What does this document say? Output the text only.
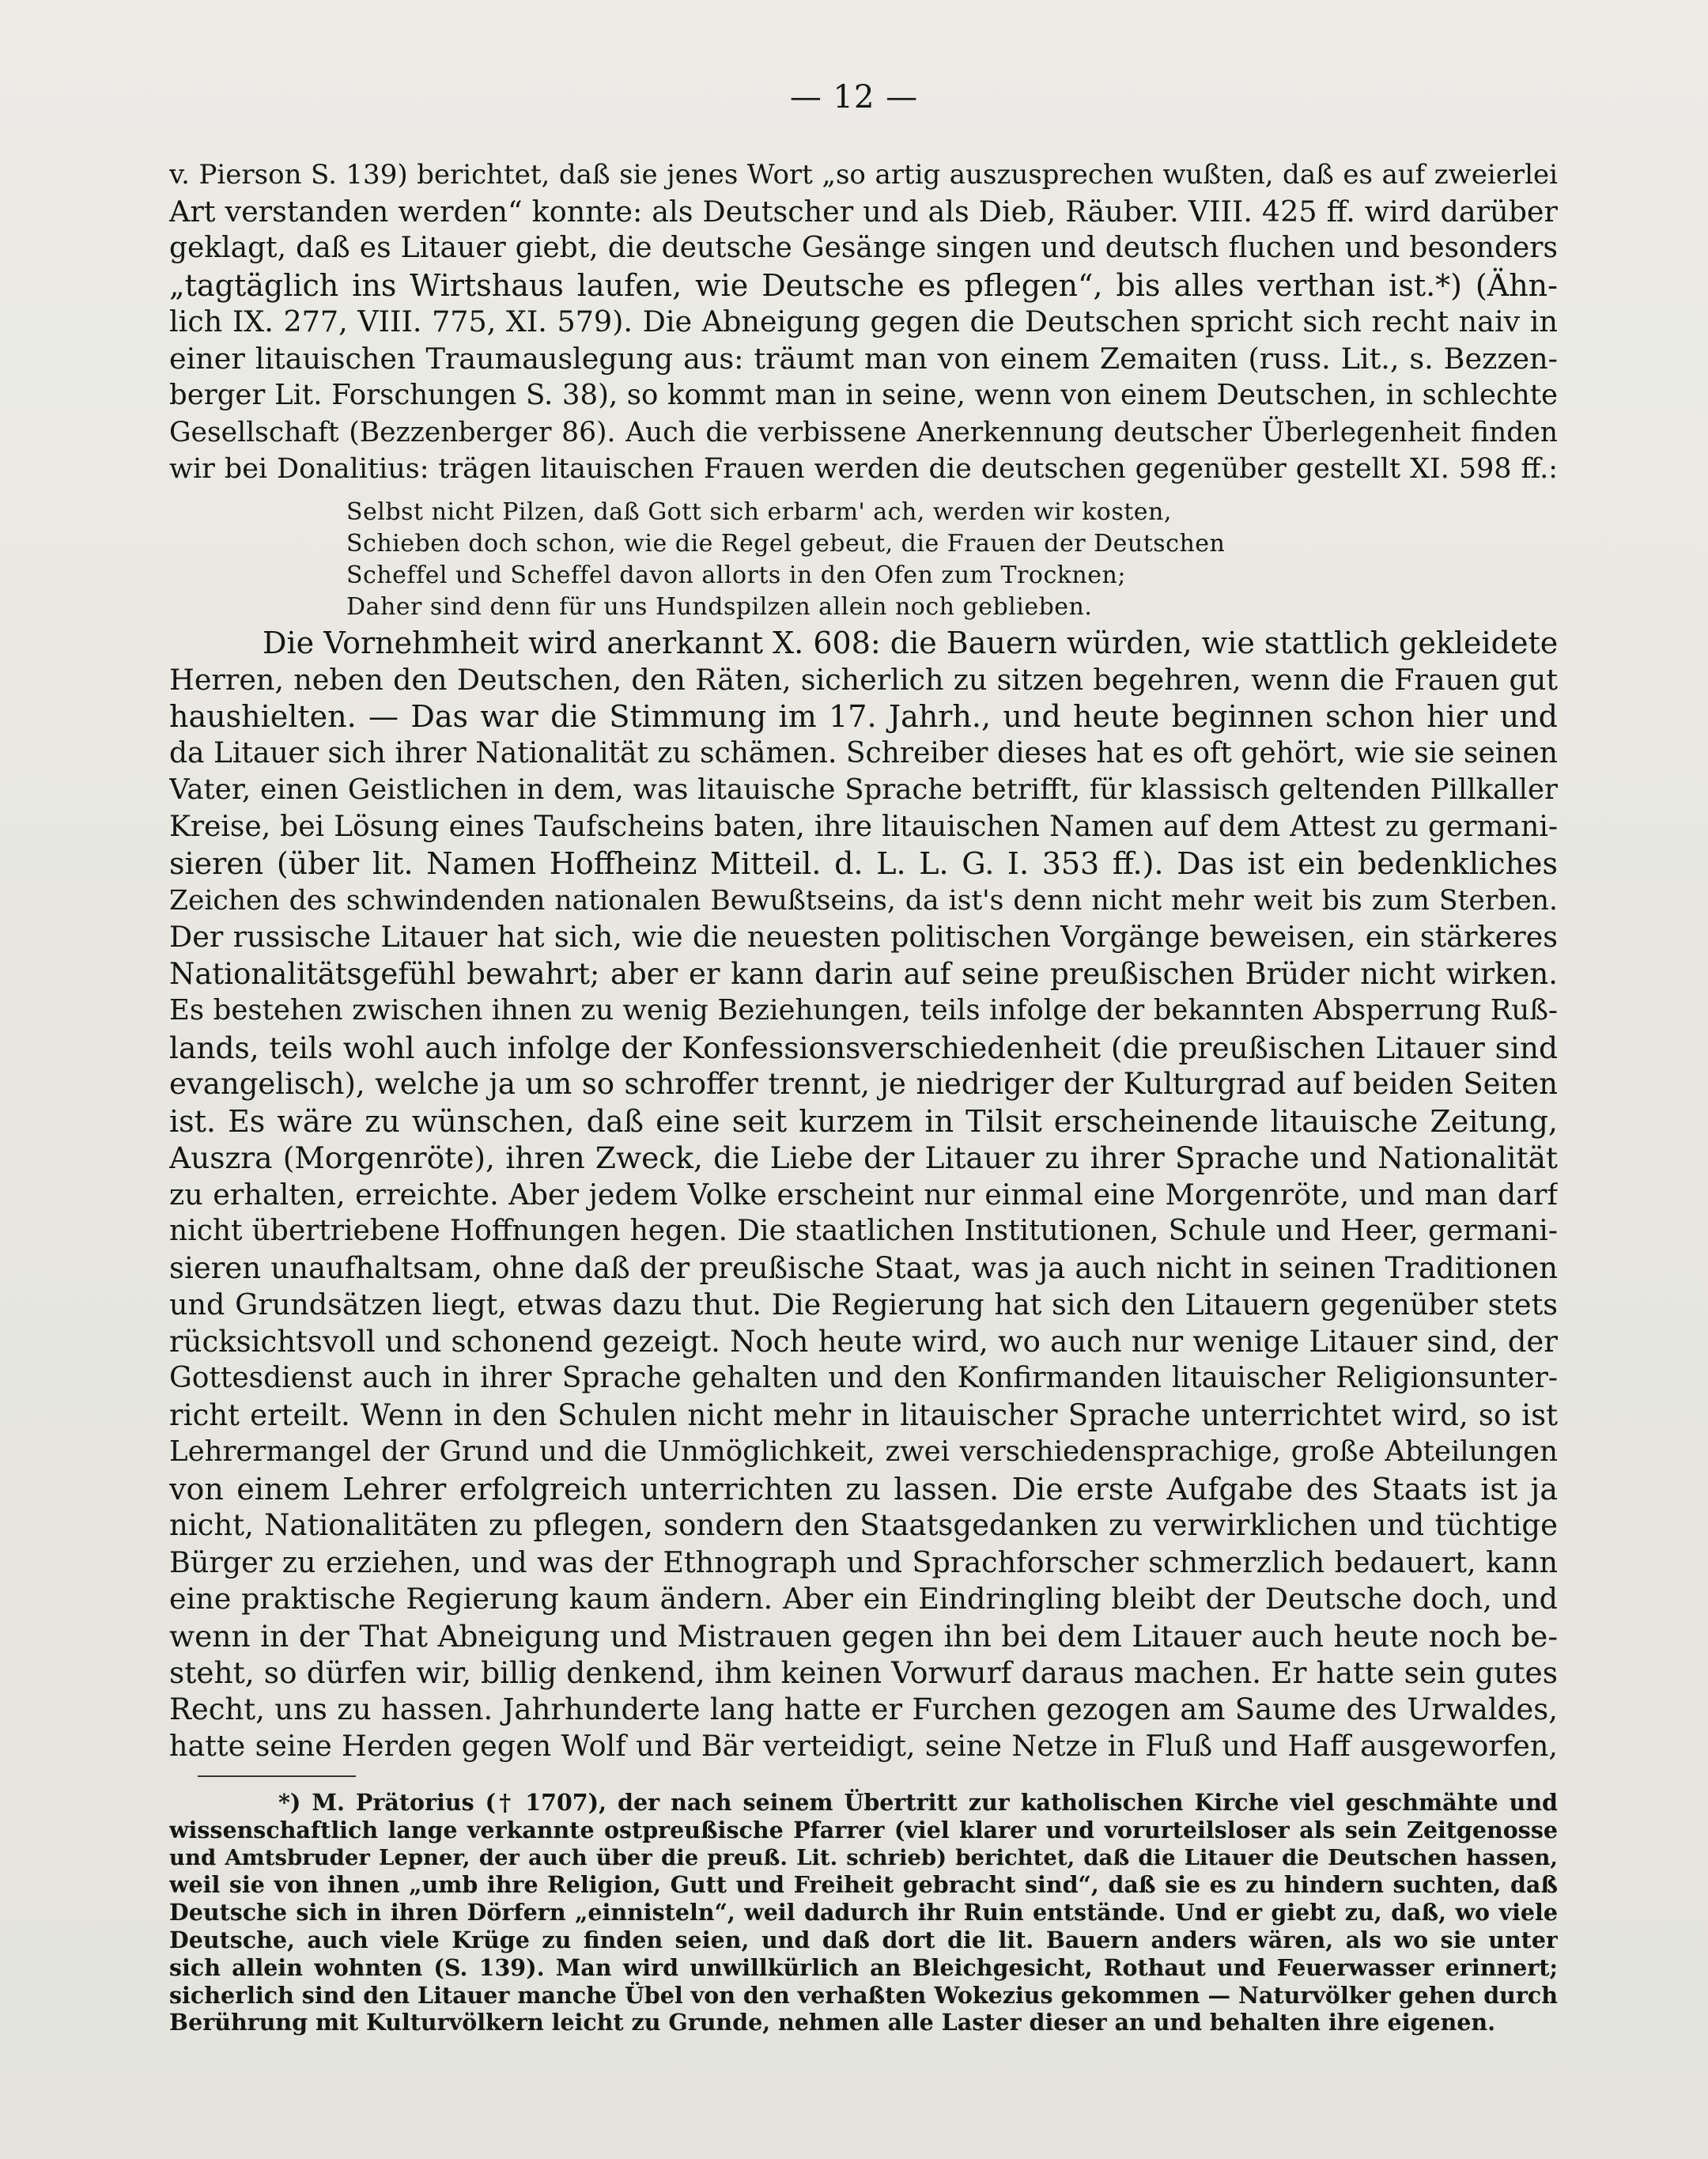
— 12 —
v. Pierson S. 139) berichtet, daß sie jenes Wort „so artig auszusprechen wußten, daß es auf zweierlei
Art verstanden werden“ konnte: als Deutscher und als Dieb, Räuber. VIII. 425 ff. wird darüber
geklagt, daß es Litauer giebt, die deutsche Gesänge singen und deutsch fluchen und besonders
„tagtäglich ins Wirtshaus laufen, wie Deutsche es pflegen“, bis alles verthan ist.*) (Ähn-
lich IX. 277, VIII. 775, XI. 579). Die Abneigung gegen die Deutschen spricht sich recht naiv in
einer litauischen Traumauslegung aus: träumt man von einem Zemaiten (russ. Lit., s. Bezzen-
berger Lit. Forschungen S. 38), so kommt man in seine, wenn von einem Deutschen, in schlechte
Gesellschaft (Bezzenberger 86). Auch die verbissene Anerkennung deutscher Überlegenheit finden
wir bei Donalitius: trägen litauischen Frauen werden die deutschen gegenüber gestellt XI. 598 ff.:
Selbst nicht Pilzen, daß Gott sich erbarm' ach, werden wir kosten,
Schieben doch schon, wie die Regel gebeut, die Frauen der Deutschen
Scheffel und Scheffel davon allorts in den Ofen zum Trocknen;
Daher sind denn für uns Hundspilzen allein noch geblieben.
Die Vornehmheit wird anerkannt X. 608: die Bauern würden, wie stattlich gekleidete
Herren, neben den Deutschen, den Räten, sicherlich zu sitzen begehren, wenn die Frauen gut
haushielten. — Das war die Stimmung im 17. Jahrh., und heute beginnen schon hier und
da Litauer sich ihrer Nationalität zu schämen. Schreiber dieses hat es oft gehört, wie sie seinen
Vater, einen Geistlichen in dem, was litauische Sprache betrifft, für klassisch geltenden Pillkaller
Kreise, bei Lösung eines Taufscheins baten, ihre litauischen Namen auf dem Attest zu germani-
sieren (über lit. Namen Hoffheinz Mitteil. d. L. L. G. I. 353 ff.). Das ist ein bedenkliches
Zeichen des schwindenden nationalen Bewußtseins, da ist's denn nicht mehr weit bis zum Sterben.
Der russische Litauer hat sich, wie die neuesten politischen Vorgänge beweisen, ein stärkeres
Nationalitätsgefühl bewahrt; aber er kann darin auf seine preußischen Brüder nicht wirken.
Es bestehen zwischen ihnen zu wenig Beziehungen, teils infolge der bekannten Absperrung Ruß-
lands, teils wohl auch infolge der Konfessionsverschiedenheit (die preußischen Litauer sind
evangelisch), welche ja um so schroffer trennt, je niedriger der Kulturgrad auf beiden Seiten
ist. Es wäre zu wünschen, daß eine seit kurzem in Tilsit erscheinende litauische Zeitung,
Auszra (Morgenröte), ihren Zweck, die Liebe der Litauer zu ihrer Sprache und Nationalität
zu erhalten, erreichte. Aber jedem Volke erscheint nur einmal eine Morgenröte, und man darf
nicht übertriebene Hoffnungen hegen. Die staatlichen Institutionen, Schule und Heer, germani-
sieren unaufhaltsam, ohne daß der preußische Staat, was ja auch nicht in seinen Traditionen
und Grundsätzen liegt, etwas dazu thut. Die Regierung hat sich den Litauern gegenüber stets
rücksichtsvoll und schonend gezeigt. Noch heute wird, wo auch nur wenige Litauer sind, der
Gottesdienst auch in ihrer Sprache gehalten und den Konfirmanden litauischer Religionsunter-
richt erteilt. Wenn in den Schulen nicht mehr in litauischer Sprache unterrichtet wird, so ist
Lehrermangel der Grund und die Unmöglichkeit, zwei verschiedensprachige, große Abteilungen
von einem Lehrer erfolgreich unterrichten zu lassen. Die erste Aufgabe des Staats ist ja
nicht, Nationalitäten zu pflegen, sondern den Staatsgedanken zu verwirklichen und tüchtige
Bürger zu erziehen, und was der Ethnograph und Sprachforscher schmerzlich bedauert, kann
eine praktische Regierung kaum ändern. Aber ein Eindringling bleibt der Deutsche doch, und
wenn in der That Abneigung und Mistrauen gegen ihn bei dem Litauer auch heute noch be-
steht, so dürfen wir, billig denkend, ihm keinen Vorwurf daraus machen. Er hatte sein gutes
Recht, uns zu hassen. Jahrhunderte lang hatte er Furchen gezogen am Saume des Urwaldes,
hatte seine Herden gegen Wolf und Bär verteidigt, seine Netze in Fluß und Haff ausgeworfen,
*) M. Prätorius († 1707), der nach seinem Übertritt zur katholischen Kirche viel geschmähte und
wissenschaftlich lange verkannte ostpreußische Pfarrer (viel klarer und vorurteilsloser als sein Zeitgenosse
und Amtsbruder Lepner, der auch über die preuß. Lit. schrieb) berichtet, daß die Litauer die Deutschen hassen,
weil sie von ihnen „umb ihre Religion, Gutt und Freiheit gebracht sind“, daß sie es zu hindern suchten, daß
Deutsche sich in ihren Dörfern „einnisteln“, weil dadurch ihr Ruin entstände. Und er giebt zu, daß, wo viele
Deutsche, auch viele Krüge zu finden seien, und daß dort die lit. Bauern anders wären, als wo sie unter
sich allein wohnten (S. 139). Man wird unwillkürlich an Bleichgesicht, Rothaut und Feuerwasser erinnert;
sicherlich sind den Litauer manche Übel von den verhaßten Wokezius gekommen — Naturvölker gehen durch
Berührung mit Kulturvölkern leicht zu Grunde, nehmen alle Laster dieser an und behalten ihre eigenen.
